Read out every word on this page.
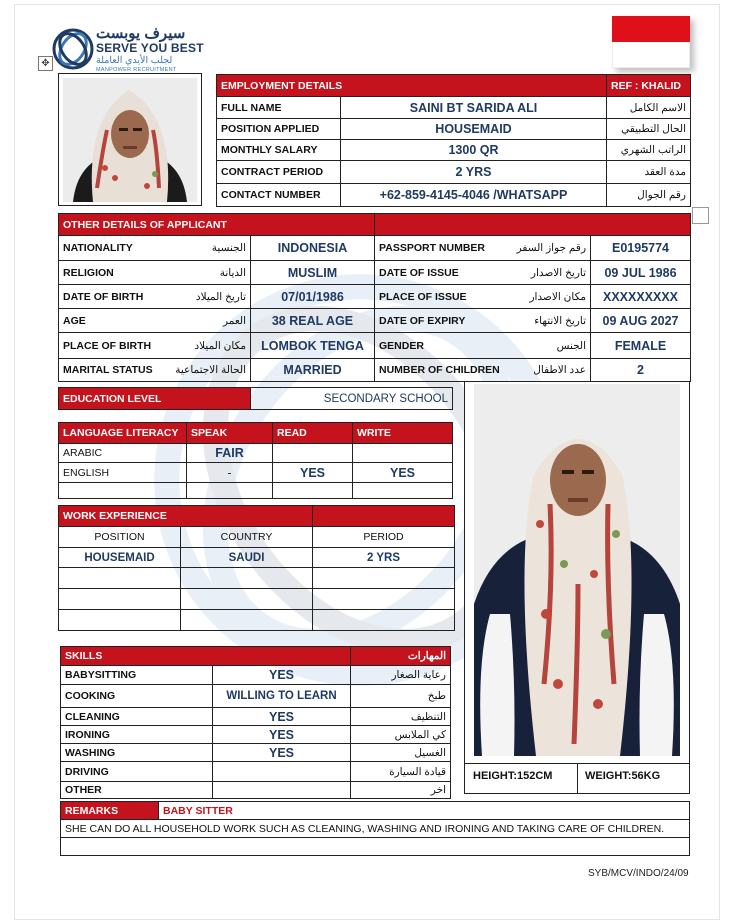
سيرف يوبست
SERVE YOU BEST
لجلب الأيدي العاملة
MANPOWER RECRUITMENT
✥
EMPLOYMENT DETAILS		REF : KHALID
FULL NAME	SAINI BT SARIDA ALI	الاسم الكامل
POSITION APPLIED	HOUSEMAID	الحال التطبيقي
MONTHLY SALARY	1300 QR	الراتب الشهري
CONTRACT PERIOD	2 YRS	مدة العقد
CONTACT NUMBER	+62-859-4145-4046 /WHATSAPP	رقم الجوال
OTHER DETAILS OF APPLICANT			

NATIONALITY الجنسية	INDONESIA	PASSPORT NUMBER رقم جواز السفر	E0195774

RELIGION الديانة	MUSLIM	DATE OF ISSUE تاريخ الاصدار	09 JUL 1986

DATE OF BIRTH تاريخ الميلاد	07/01/1986	PLACE OF ISSUE مكان الاصدار	XXXXXXXXX

AGE العمر	38 REAL AGE	DATE OF EXPIRY تاريخ الانتهاء	09 AUG 2027

PLACE OF BIRTH مكان الميلاد	LOMBOK TENGA	GENDER الجنس	FEMALE

MARITAL STATUS الحالة الاجتماعية	MARRIED	NUMBER OF CHILDREN عدد الاطفال	2
EDUCATION LEVEL	SECONDARY SCHOOL
LANGUAGE LITERACY	SPEAK	READ	WRITE
ARABIC	FAIR		
ENGLISH	-	YES	YES

WORK EXPERIENCE		
POSITION	COUNTRY	PERIOD
HOUSEMAID	SAUDI	2 YRS

SKILLS		المهارات
BABYSITTING	YES	رعاية الصغار
COOKING	WILLING TO LEARN	طبخ
CLEANING	YES	التنظيف
IRONING	YES	كي الملابس
WASHING	YES	الغسيل
DRIVING		قيادة السيارة
OTHER		اخر
HEIGHT:152CM	WEIGHT:56KG
REMARKS	BABY SITTER
SHE CAN DO ALL HOUSEHOLD WORK SUCH AS CLEANING, WASHING AND IRONING AND TAKING CARE OF CHILDREN.

SYB/MCV/INDO/24/09
